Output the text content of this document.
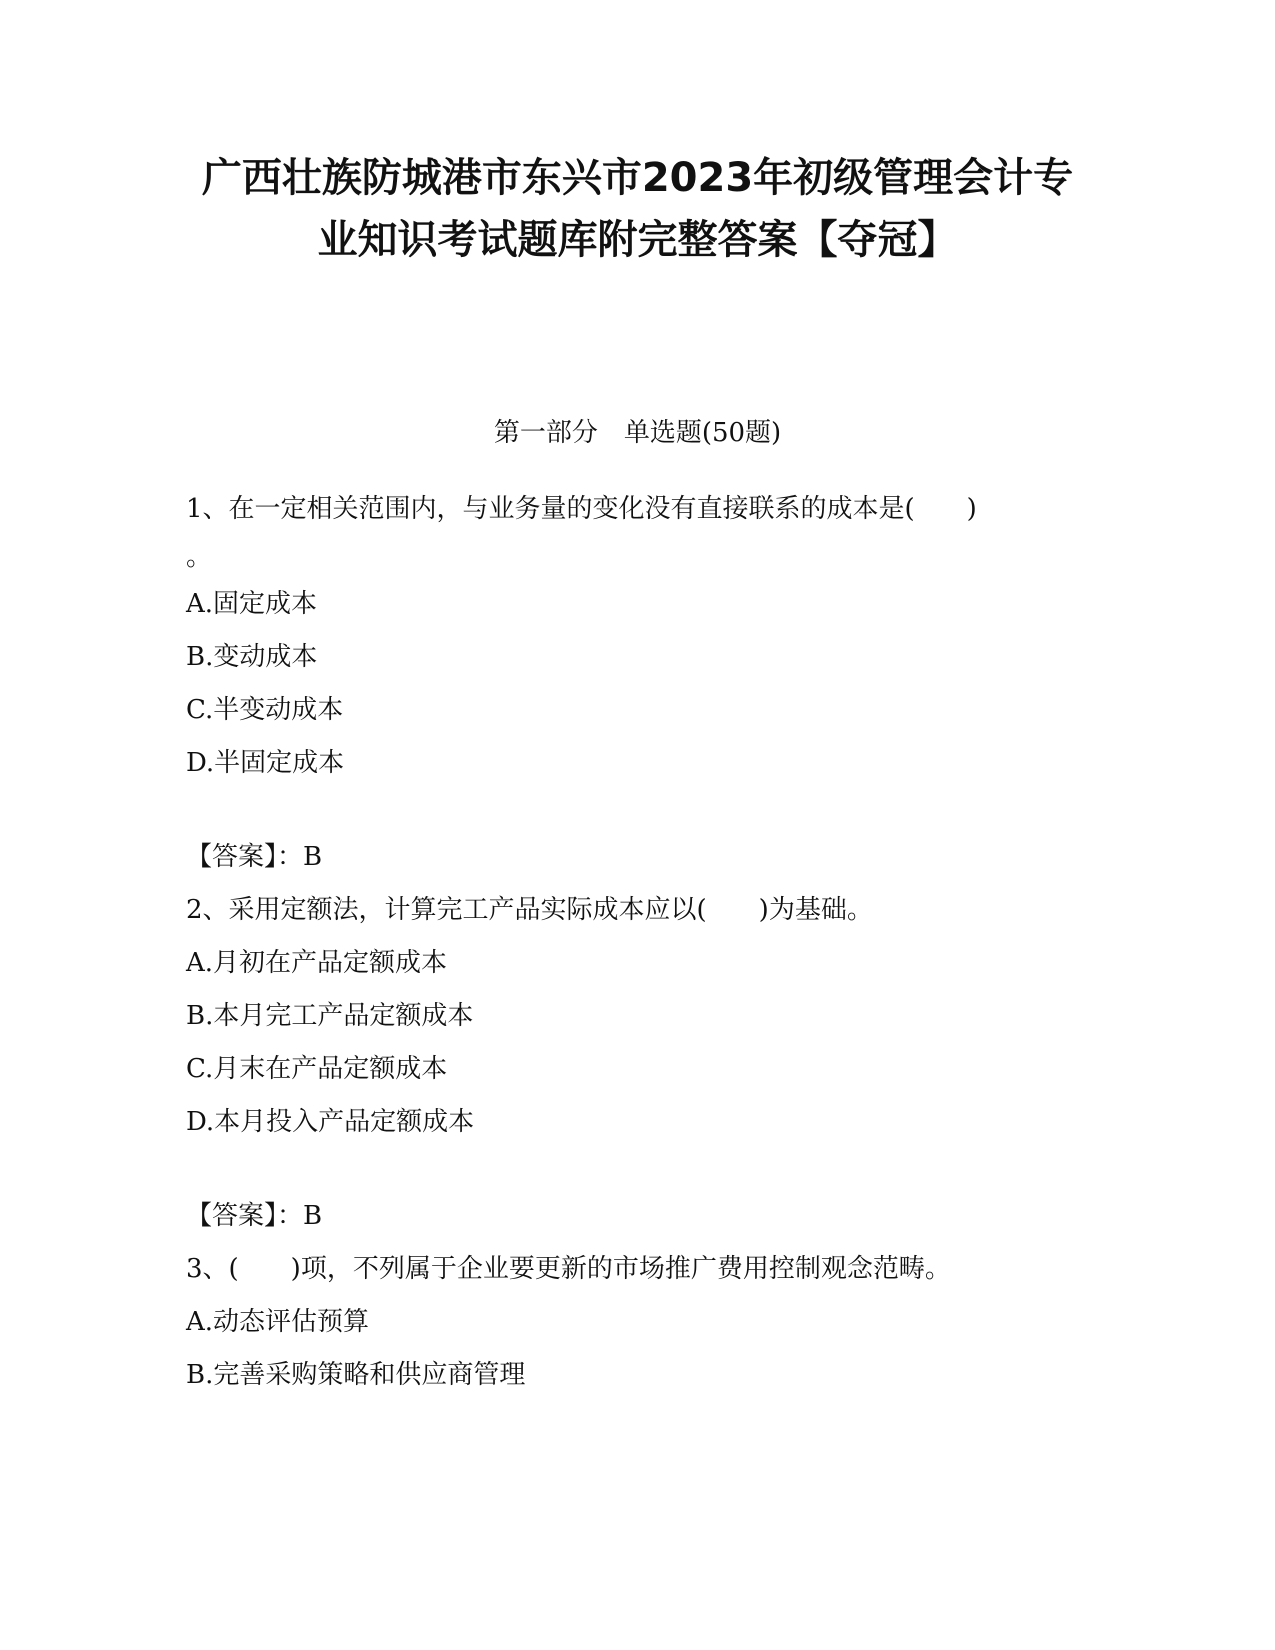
广西壮族防城港市东兴市2023年初级管理会计专
业知识考试题库附完整答案【夺冠】
第一部分　单选题(50题)
1、在一定相关范围内，与业务量的变化没有直接联系的成本是(　　)
。
A.固定成本
B.变动成本
C.半变动成本
D.半固定成本
【答案】：B
2、采用定额法，计算完工产品实际成本应以(　　)为基础。
A.月初在产品定额成本
B.本月完工产品定额成本
C.月末在产品定额成本
D.本月投入产品定额成本
【答案】：B
3、(　　)项，不列属于企业要更新的市场推广费用控制观念范畴。
A.动态评估预算
B.完善采购策略和供应商管理
